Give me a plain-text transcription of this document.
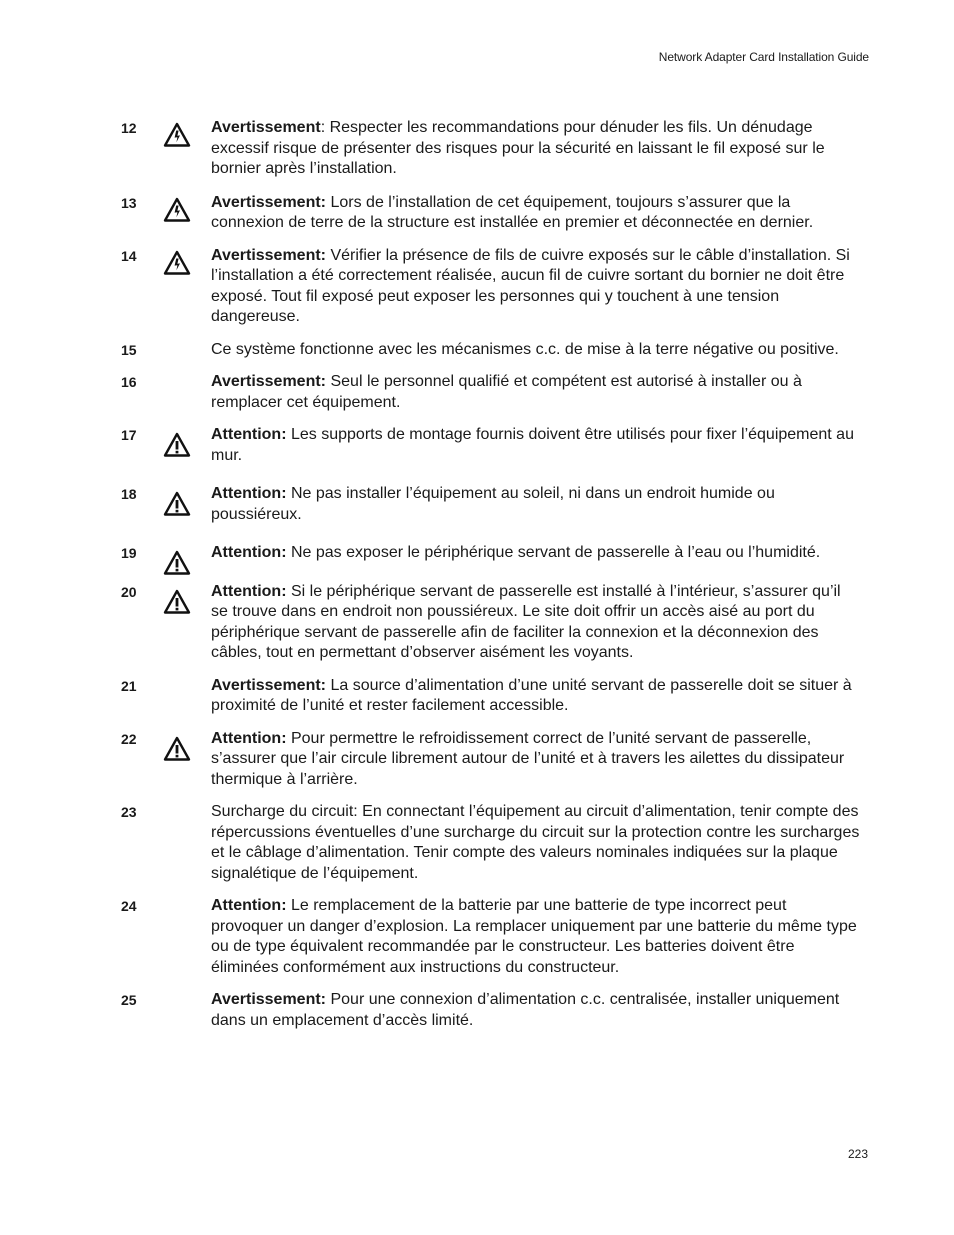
Network Adapter Card Installation Guide
12	Avertissement: Respecter les recommandations pour dénuder les fils. Un dénudage excessif risque de présenter des risques pour la sécurité en laissant le fil exposé sur le bornier après l’installation.
13	Avertissement: Lors de l’installation de cet équipement, toujours s’assurer que la connexion de terre de la structure est installée en premier et déconnectée en dernier.
14	Avertissement: Vérifier la présence de fils de cuivre exposés sur le câble d’installation. Si l’installation a été correctement réalisée, aucun fil de cuivre sortant du bornier ne doit être exposé. Tout fil exposé peut exposer les personnes qui y touchent à une tension dangereuse.
15	Ce système fonctionne avec les mécanismes c.c. de mise à la terre négative ou positive.
16	Avertissement: Seul le personnel qualifié et compétent est autorisé à installer ou à remplacer cet équipement.
17	Attention: Les supports de montage fournis doivent être utilisés pour fixer l’équipement au mur.
18	Attention: Ne pas installer l’équipement au soleil, ni dans un endroit humide ou poussiéreux.
19	Attention: Ne pas exposer le périphérique servant de passerelle à l’eau ou l’humidité.
20	Attention: Si le périphérique servant de passerelle est installé à l’intérieur, s’assurer qu’il se trouve dans en endroit non poussiéreux. Le site doit offrir un accès aisé au port du périphérique servant de passerelle afin de faciliter la connexion et la déconnexion des câbles, tout en permettant d’observer aisément les voyants.
21	Avertissement: La source d’alimentation d’une unité servant de passerelle doit se situer à proximité de l’unité et rester facilement accessible.
22	Attention: Pour permettre le refroidissement correct de l’unité servant de passerelle, s’assurer que l’air circule librement autour de l’unité et à travers les ailettes du dissipateur thermique à l’arrière.
23	Surcharge du circuit: En connectant l’équipement au circuit d’alimentation, tenir compte des répercussions éventuelles d’une surcharge du circuit sur la protection contre les surcharges et le câblage d’alimentation. Tenir compte des valeurs nominales indiquées sur la plaque signalétique de l’équipement.
24	Attention: Le remplacement de la batterie par une batterie de type incorrect peut provoquer un danger d’explosion. La remplacer uniquement par une batterie du même type ou de type équivalent recommandée par le constructeur. Les batteries doivent être éliminées conformément aux instructions du constructeur.
25	Avertissement: Pour une connexion d’alimentation c.c. centralisée, installer uniquement dans un emplacement d’accès limité.
223
